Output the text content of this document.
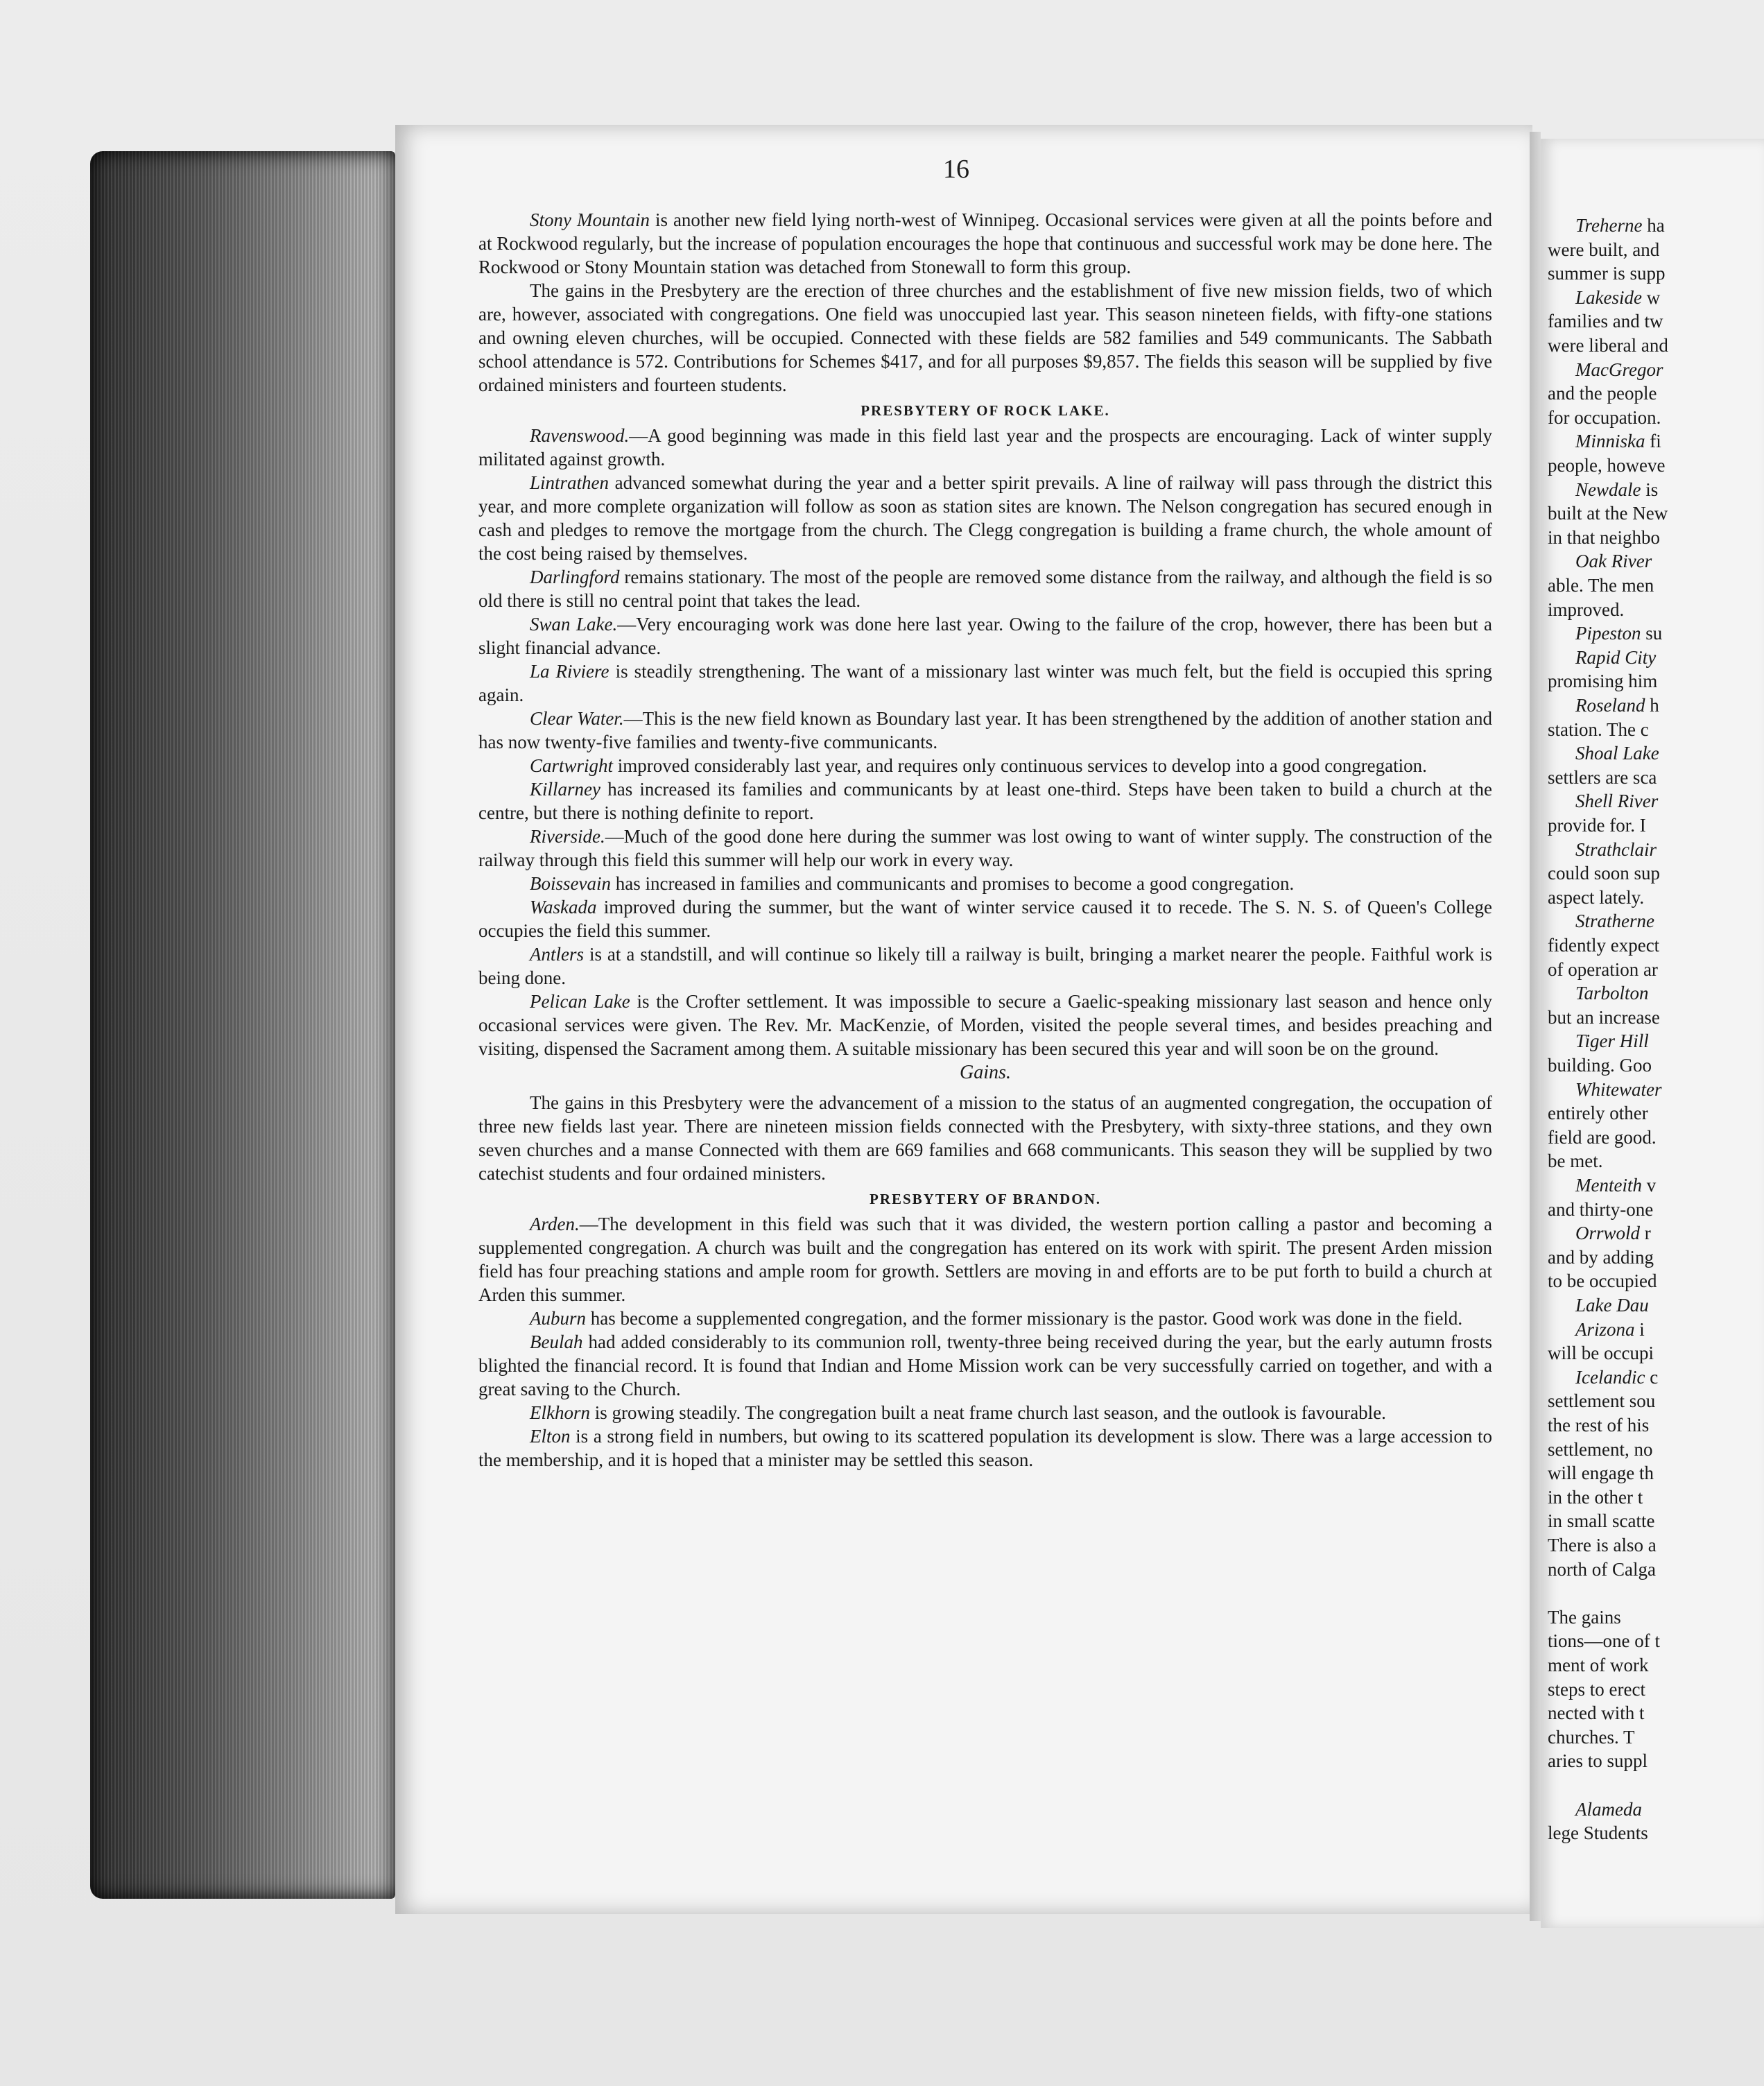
Treherne ha
were built, and
summer is supp
Lakeside w
families and tw
were liberal and
MacGregor
and the people
for occupation.
Minniska fi
people, howeve
Newdale is
built at the New
in that neighbo
Oak River
able. The men
improved.
Pipeston su
Rapid City
promising him
Roseland h
station. The c
Shoal Lake
settlers are sca
Shell River
provide for. I
Strathclair
could soon sup
aspect lately.
Stratherne
fidently expect
of operation ar
Tarbolton
but an increase
Tiger Hill
building. Goo
Whitewater
entirely other
field are good.
be met.
Menteith v
and thirty-one
Orrwold r
and by adding
to be occupied
Lake Dau
Arizona i
will be occupi
Icelandic c
settlement sou
the rest of his
settlement, no
will engage th
in the other t
in small scatte
There is also a
north of Calga
The gains
tions—one of t
ment of work
steps to erect
nected with t
churches. T
aries to suppl
Alameda
lege Students
16

Stony Mountain is another new field lying north-west of Winnipeg. Occasional services were given at all the points before and at Rockwood regularly, but the increase of population encourages the hope that continuous and successful work may be done here. The Rockwood or Stony Mountain station was detached from Stonewall to form this group.

The gains in the Presbytery are the erection of three churches and the establishment of five new mission fields, two of which are, however, associated with congregations. One field was unoccupied last year. This season nineteen fields, with fifty-one stations and owning eleven churches, will be occupied. Connected with these fields are 582 families and 549 communicants. The Sabbath school attendance is 572. Contributions for Schemes $417, and for all purposes $9,857. The fields this season will be supplied by five ordained ministers and fourteen students.

PRESBYTERY OF ROCK LAKE.

Ravenswood.—A good beginning was made in this field last year and the prospects are encouraging. Lack of winter supply militated against growth.

Lintrathen advanced somewhat during the year and a better spirit prevails. A line of railway will pass through the district this year, and more complete organization will follow as soon as station sites are known. The Nelson congregation has secured enough in cash and pledges to remove the mortgage from the church. The Clegg congregation is building a frame church, the whole amount of the cost being raised by themselves.

Darlingford remains stationary. The most of the people are removed some distance from the railway, and although the field is so old there is still no central point that takes the lead.

Swan Lake.—Very encouraging work was done here last year. Owing to the failure of the crop, however, there has been but a slight financial advance.

La Riviere is steadily strengthening. The want of a missionary last winter was much felt, but the field is occupied this spring again.

Clear Water.—This is the new field known as Boundary last year. It has been strengthened by the addition of another station and has now twenty-five families and twenty-five communicants.

Cartwright improved considerably last year, and requires only continuous services to develop into a good congregation.

Killarney has increased its families and communicants by at least one-third. Steps have been taken to build a church at the centre, but there is nothing definite to report.

Riverside.—Much of the good done here during the summer was lost owing to want of winter supply. The construction of the railway through this field this summer will help our work in every way.

Boissevain has increased in families and communicants and promises to become a good congregation.

Waskada improved during the summer, but the want of winter service caused it to recede. The S. N. S. of Queen's College occupies the field this summer.

Antlers is at a standstill, and will continue so likely till a railway is built, bringing a market nearer the people. Faithful work is being done.

Pelican Lake is the Crofter settlement. It was impossible to secure a Gaelic-speaking missionary last season and hence only occasional services were given. The Rev. Mr. MacKenzie, of Morden, visited the people several times, and besides preaching and visiting, dispensed the Sacrament among them. A suitable missionary has been secured this year and will soon be on the ground.

Gains.

The gains in this Presbytery were the advancement of a mission to the status of an augmented congregation, the occupation of three new fields last year. There are nineteen mission fields connected with the Presbytery, with sixty-three stations, and they own seven churches and a manse Connected with them are 669 families and 668 communicants. This season they will be supplied by two catechist students and four ordained ministers.

PRESBYTERY OF BRANDON.

Arden.—The development in this field was such that it was divided, the western portion calling a pastor and becoming a supplemented congregation. A church was built and the congregation has entered on its work with spirit. The present Arden mission field has four preaching stations and ample room for growth. Settlers are moving in and efforts are to be put forth to build a church at Arden this summer.

Auburn has become a supplemented congregation, and the former missionary is the pastor. Good work was done in the field.

Beulah had added considerably to its communion roll, twenty-three being received during the year, but the early autumn frosts blighted the financial record. It is found that Indian and Home Mission work can be very successfully carried on together, and with a great saving to the Church.

Elkhorn is growing steadily. The congregation built a neat frame church last season, and the outlook is favourable.

Elton is a strong field in numbers, but owing to its scattered population its development is slow. There was a large accession to the membership, and it is hoped that a minister may be settled this season.
